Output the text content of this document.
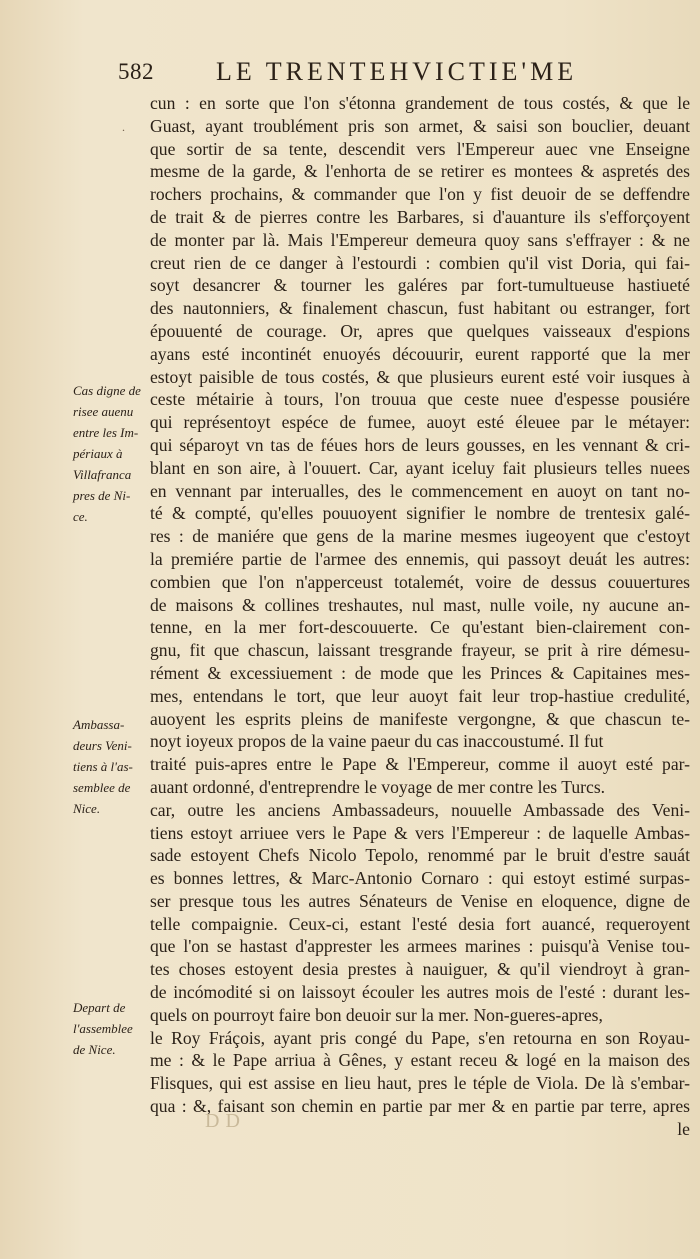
582 LE TRENTEHVICTIE'ME
.
cun : en sorte que l'on s'étonna grandement de tous costés, & que le
Guast, ayant troublément pris son armet, & saisi son bouclier, deuant
que sortir de sa tente, descendit vers l'Empereur auec vne Enseigne
mesme de la garde, & l'enhorta de se retirer es montees & aspretés des
rochers prochains, & commander que l'on y fist deuoir de se deffendre
de trait & de pierres contre les Barbares, si d'auanture ils s'efforçoyent
de monter par là. Mais l'Empereur demeura quoy sans s'effrayer : & ne
creut rien de ce danger à l'estourdi : combien qu'il vist Doria, qui fai-
soyt desancrer & tourner les galéres par fort-tumultueuse hastiueté
des nautonniers, & finalement chascun, fust habitant ou estranger, fort
épouuenté de courage. Or, apres que quelques vaisseaux d'espions
ayans esté incontinét enuoyés découurir, eurent rapporté que la mer
estoyt paisible de tous costés, & que plusieurs eurent esté voir iusques à
ceste métairie à tours, l'on trouua que ceste nuee d'espesse pousiére
qui représentoyt espéce de fumee, auoyt esté éleuee par le métayer:
qui séparoyt vn tas de féues hors de leurs gousses, en les vennant & cri-
blant en son aire, à l'ouuert. Car, ayant iceluy fait plusieurs telles nuees
en vennant par interualles, des le commencement en auoyt on tant no-
té & compté, qu'elles pouuoyent signifier le nombre de trentesix galé-
res : de maniére que gens de la marine mesmes iugeoyent que c'estoyt
la premiére partie de l'armee des ennemis, qui passoyt deuát les autres:
combien que l'on n'apperceust totalemét, voire de dessus couuertures
de maisons & collines treshautes, nul mast, nulle voile, ny aucune an-
tenne, en la mer fort-descouuerte. Ce qu'estant bien-clairement con-
gnu, fit que chascun, laissant tresgrande frayeur, se prit à rire démesu-
rément & excessiuement : de mode que les Princes & Capitaines mes-
mes, entendans le tort, que leur auoyt fait leur trop-hastiue credulité,
auoyent les esprits pleins de manifeste vergongne, & que chascun te-
noyt ioyeux propos de la vaine paeur du cas inaccoustumé. Il fut
traité puis-apres entre le Pape & l'Empereur, comme il auoyt esté par-
auant ordonné, d'entreprendre le voyage de mer contre les Turcs.
car, outre les anciens Ambassadeurs, nouuelle Ambassade des Veni-
tiens estoyt arriuee vers le Pape & vers l'Empereur : de laquelle Ambas-
sade estoyent Chefs Nicolo Tepolo, renommé par le bruit d'estre sauát
es bonnes lettres, & Marc-Antonio Cornaro : qui estoyt estimé surpas-
ser presque tous les autres Sénateurs de Venise en eloquence, digne de
telle compaignie. Ceux-ci, estant l'esté desia fort auancé, requeroyent
que l'on se hastast d'apprester les armees marines : puisqu'à Venise tou-
tes choses estoyent desia prestes à nauiguer, & qu'il viendroyt à gran-
de incómodité si on laissoyt écouler les autres mois de l'esté : durant les-
quels on pourroyt faire bon deuoir sur la mer. Non-gueres-apres,
le Roy Fráçois, ayant pris congé du Pape, s'en retourna en son Royau-
me : & le Pape arriua à Gênes, y estant receu & logé en la maison des
Flisques, qui est assise en lieu haut, pres le téple de Viola. De là s'embar-
qua : &, faisant son chemin en partie par mer & en partie par terre, apres
le
Cas digne de
risee auenu
entre les Im-
périaux à
Villafranca
pres de Ni-
ce.
Ambassa-
deurs Veni-
tiens à l'as-
semblee de
Nice.
Depart de
l'assemblee
de Nice.
DD
